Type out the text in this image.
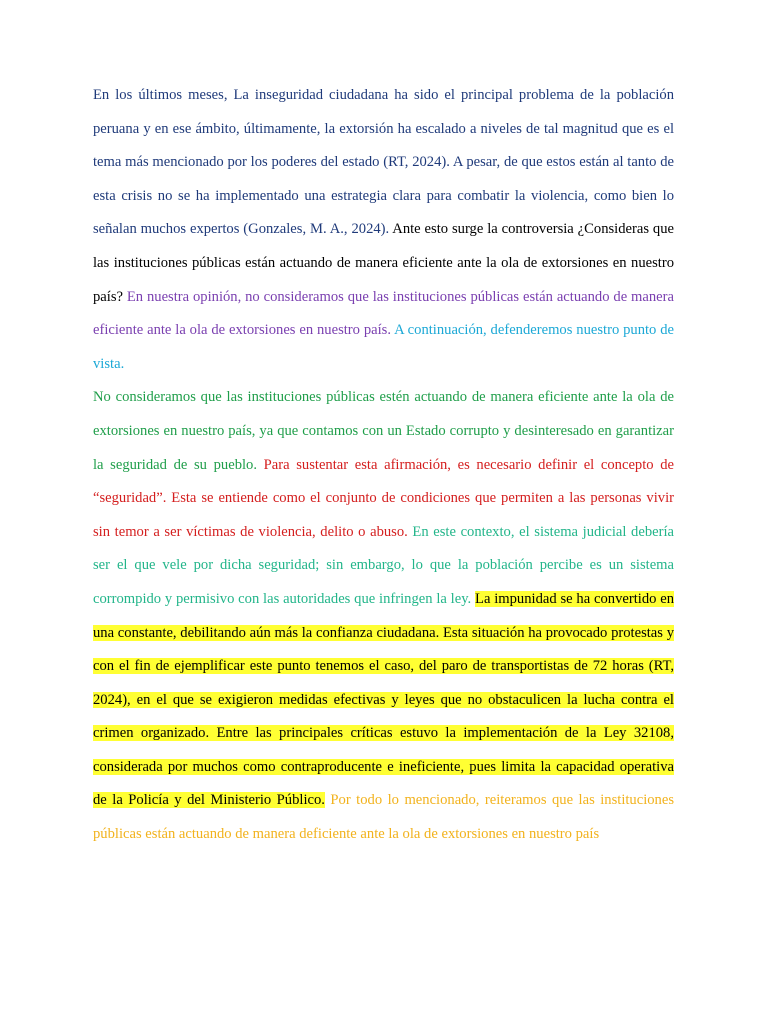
En los últimos meses, La inseguridad ciudadana ha sido el principal problema de la población peruana y en ese ámbito, últimamente, la extorsión ha escalado a niveles de tal magnitud que es el tema más mencionado por los poderes del estado (RT, 2024). A pesar, de que estos están al tanto de esta crisis no se ha implementado una estrategia clara para combatir la violencia, como bien lo señalan muchos expertos (Gonzales, M. A., 2024). Ante esto surge la controversia ¿Consideras que las instituciones públicas están actuando de manera eficiente ante la ola de extorsiones en nuestro país? En nuestra opinión, no consideramos que las instituciones públicas están actuando de manera eficiente ante la ola de extorsiones en nuestro país. A continuación, defenderemos nuestro punto de vista.

No consideramos que las instituciones públicas estén actuando de manera eficiente ante la ola de extorsiones en nuestro país, ya que contamos con un Estado corrupto y desinteresado en garantizar la seguridad de su pueblo. Para sustentar esta afirmación, es necesario definir el concepto de “seguridad”. Esta se entiende como el conjunto de condiciones que permiten a las personas vivir sin temor a ser víctimas de violencia, delito o abuso. En este contexto, el sistema judicial debería ser el que vele por dicha seguridad; sin embargo, lo que la población percibe es un sistema corrompido y permisivo con las autoridades que infringen la ley. La impunidad se ha convertido en una constante, debilitando aún más la confianza ciudadana. Esta situación ha provocado protestas y con el fin de ejemplificar este punto tenemos el caso, del paro de transportistas de 72 horas (RT, 2024), en el que se exigieron medidas efectivas y leyes que no obstaculicen la lucha contra el crimen organizado. Entre las principales críticas estuvo la implementación de la Ley 32108, considerada por muchos como contraproducente e ineficiente, pues limita la capacidad operativa de la Policía y del Ministerio Público. Por todo lo mencionado, reiteramos que las instituciones públicas están actuando de manera deficiente ante la ola de extorsiones en nuestro país
